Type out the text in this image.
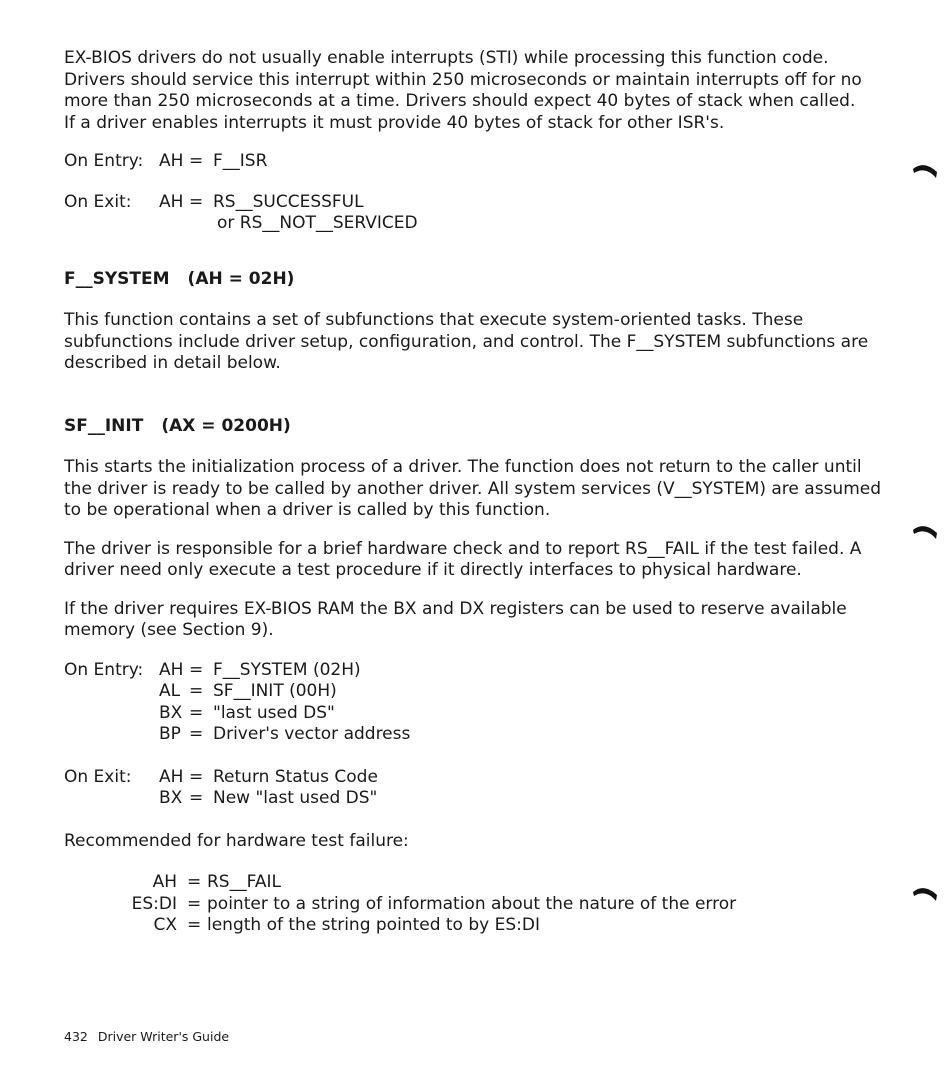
EX-BIOS drivers do not usually enable interrupts (STI) while processing this function code. Drivers should service this interrupt within 250 microseconds or maintain interrupts off for no more than 250 microseconds at a time. Drivers should expect 40 bytes of stack when called. If a driver enables interrupts it must provide 40 bytes of stack for other ISR's.

On Entry: AH = F__ISR
On Exit: AH = RS__SUCCESSFUL
or RS__NOT__SERVICED
F__SYSTEM (AH = 02H)

This function contains a set of subfunctions that execute system-oriented tasks. These subfunctions include driver setup, configuration, and control. The F__SYSTEM subfunctions are described in detail below.

SF__INIT (AX = 0200H)

This starts the initialization process of a driver. The function does not return to the caller until the driver is ready to be called by another driver. All system services (V__SYSTEM) are assumed to be operational when a driver is called by this function.

The driver is responsible for a brief hardware check and to report RS__FAIL if the test failed. A driver need only execute a test procedure if it directly interfaces to physical hardware.

If the driver requires EX-BIOS RAM the BX and DX registers can be used to reserve available memory (see Section 9).

On Entry: AH = F__SYSTEM (02H)
AL = SF__INIT (00H)
BX = "last used DS"
BP = Driver's vector address
On Exit: AH = Return Status Code
BX = New "last used DS"

Recommended for hardware test failure:

AH = RS__FAIL
ES:DI = pointer to a string of information about the nature of the error
CX = length of the string pointed to by ES:DI
432 Driver Writer's Guide
